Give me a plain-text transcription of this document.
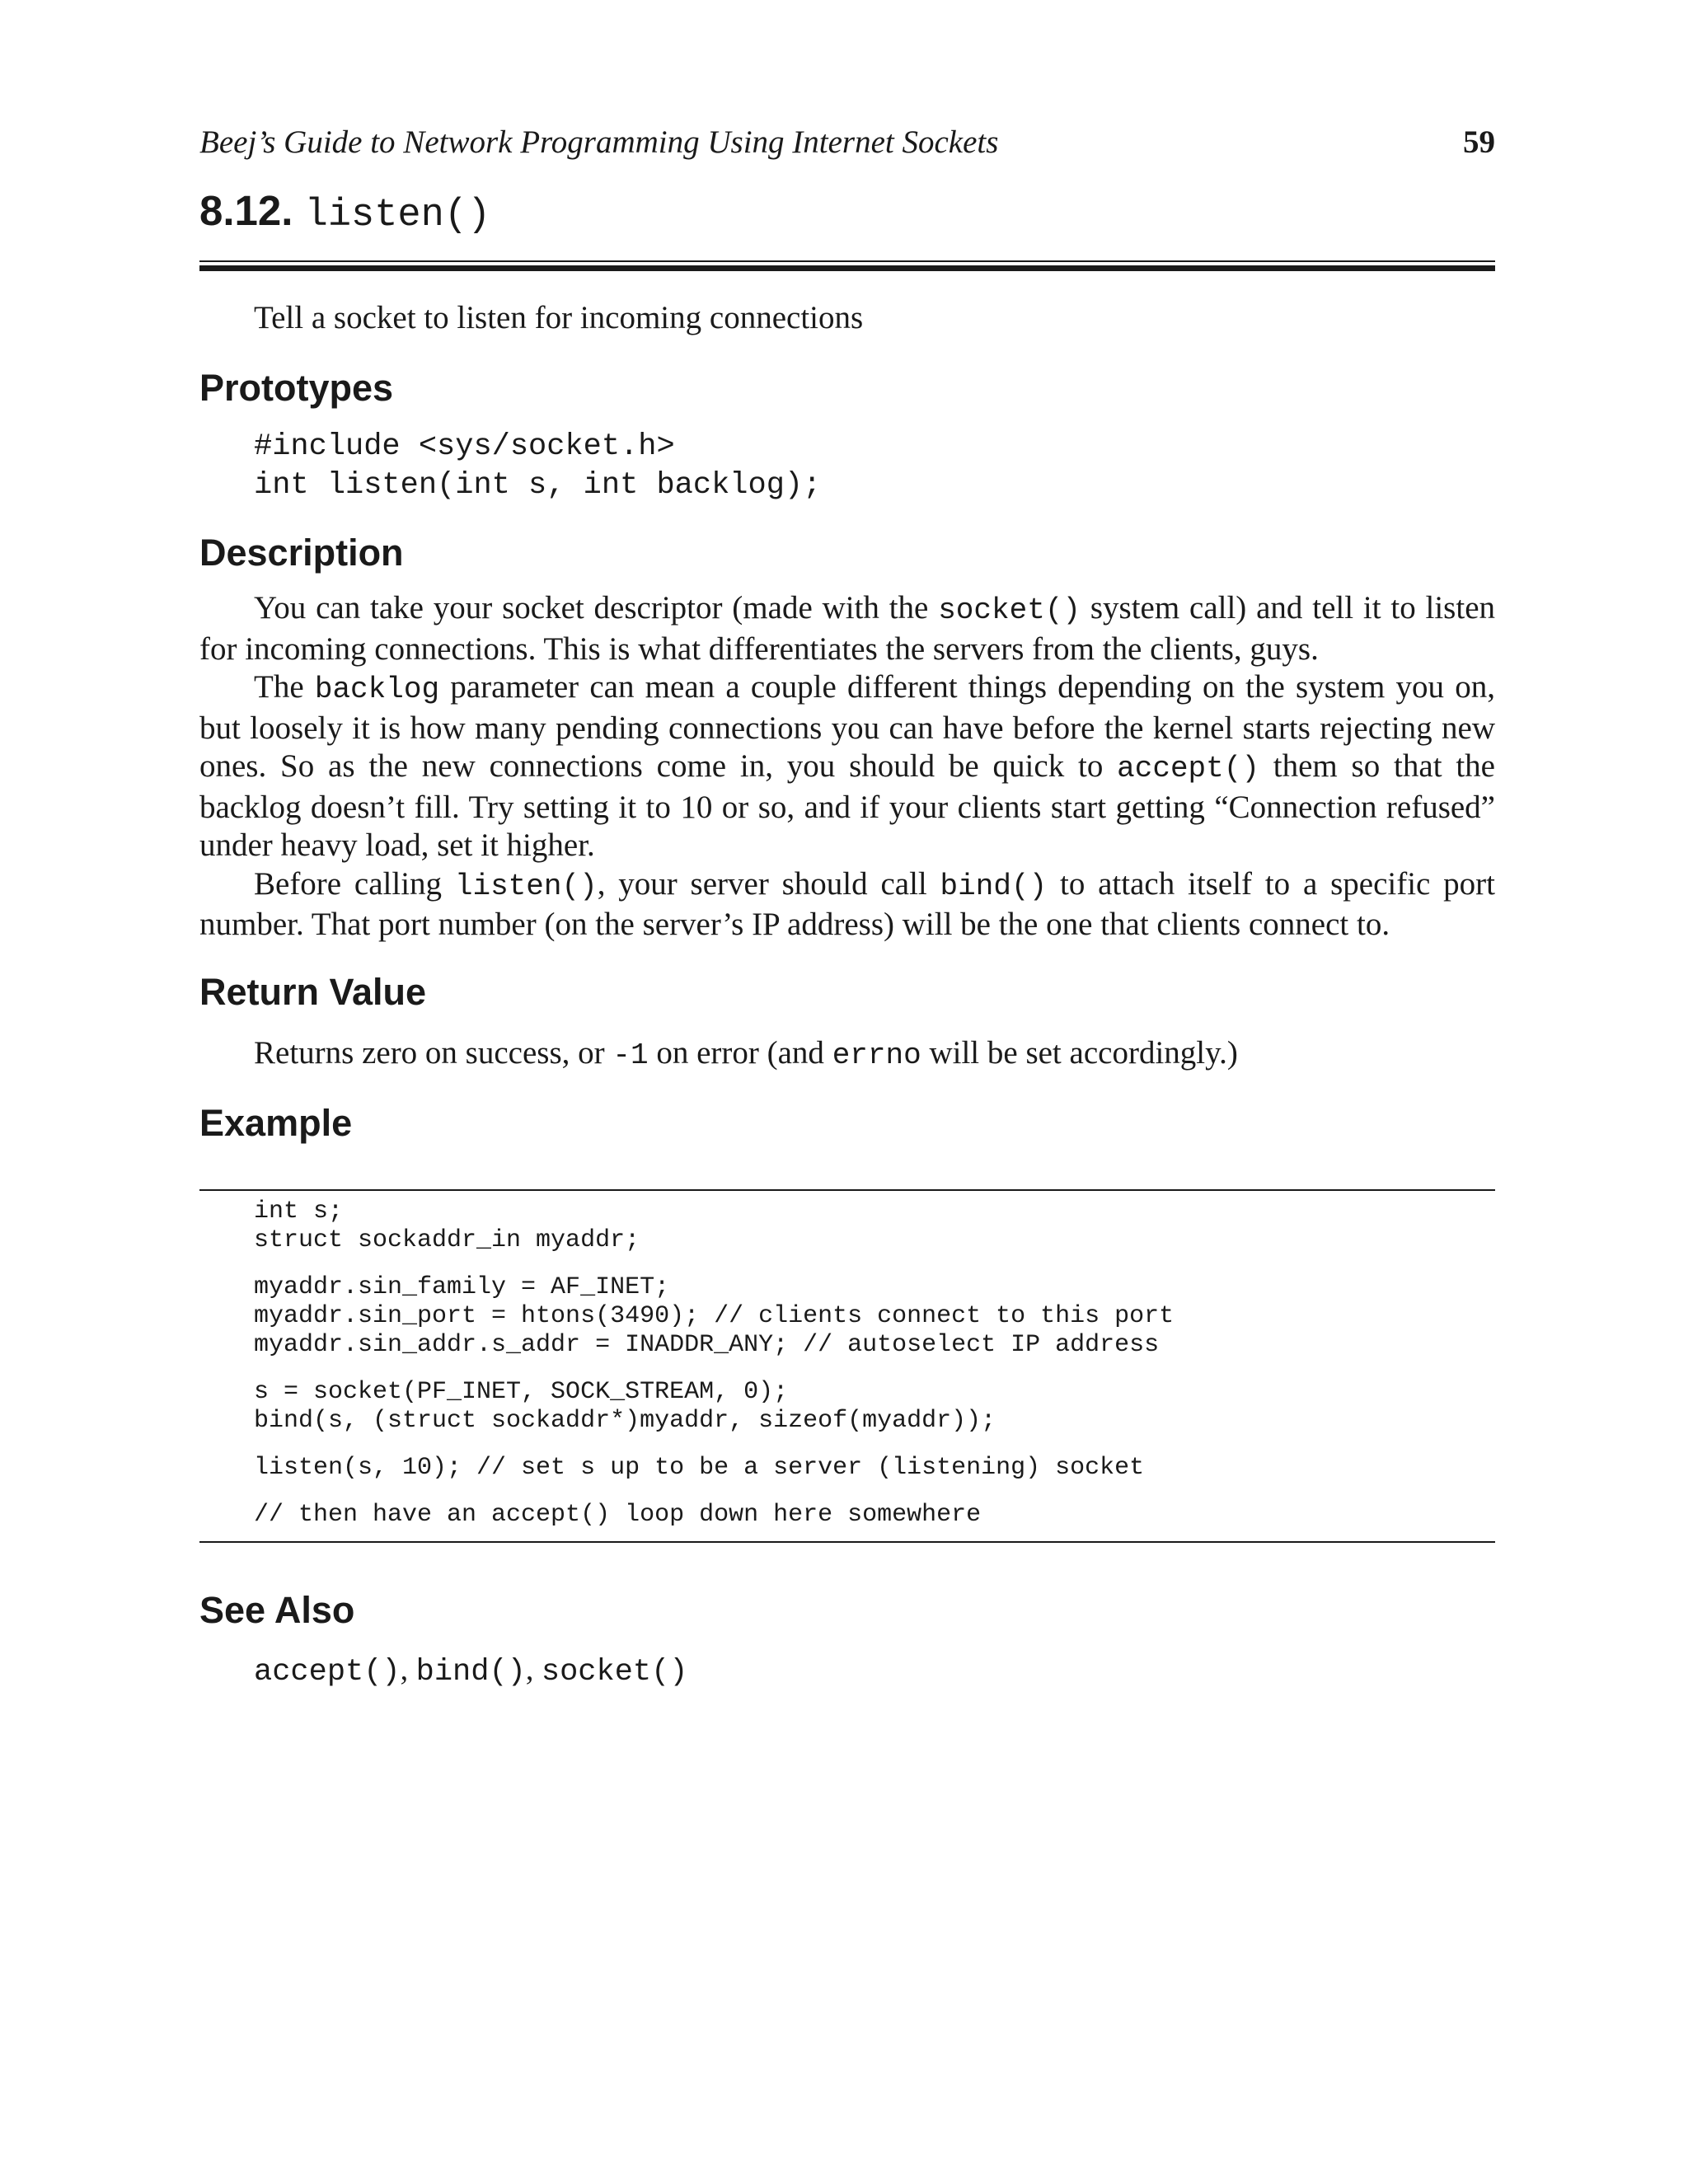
Beej’s Guide to Network Programming Using Internet Sockets	59
8.12. listen()
Tell a socket to listen for incoming connections
Prototypes
#include <sys/socket.h>
int listen(int s, int backlog);
Description

You can take your socket descriptor (made with the socket() system call) and tell it to listen for incoming connections. This is what differentiates the servers from the clients, guys.

The backlog parameter can mean a couple different things depending on the system you on, but loosely it is how many pending connections you can have before the kernel starts rejecting new ones. So as the new connections come in, you should be quick to accept() them so that the backlog doesn’t fill. Try setting it to 10 or so, and if your clients start getting “Connection refused” under heavy load, set it higher.

Before calling listen(), your server should call bind() to attach itself to a specific port number. That port number (on the server’s IP address) will be the one that clients connect to.

Return Value
Returns zero on success, or -1 on error (and errno will be set accordingly.)
Example
int s;
struct sockaddr_in myaddr;
myaddr.sin_family = AF_INET;
myaddr.sin_port = htons(3490); // clients connect to this port
myaddr.sin_addr.s_addr = INADDR_ANY; // autoselect IP address
s = socket(PF_INET, SOCK_STREAM, 0);
bind(s, (struct sockaddr*)myaddr, sizeof(myaddr));
listen(s, 10); // set s up to be a server (listening) socket
// then have an accept() loop down here somewhere
See Also
accept(), bind(), socket()
